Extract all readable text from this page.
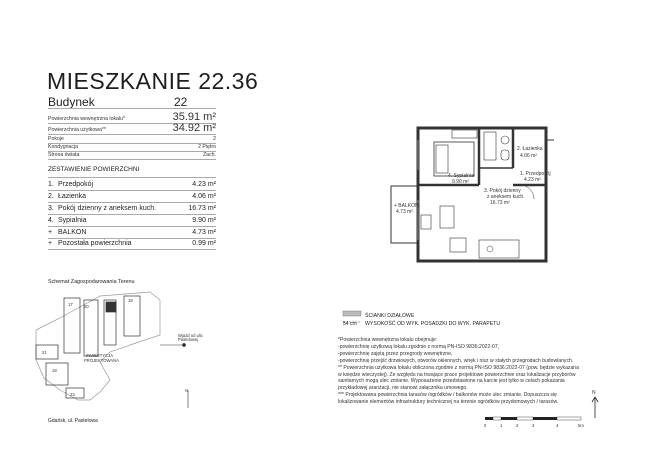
MIESZKANIE 22.36
Budynek	22
Powierzchnia wewnętrzna lokalu*	35.91 m²
Powierzchnia użytkowa**	34.92 m²
Pokoje	2
Kondygnacja	2 Piętro
Strona świata	Zach.
ZESTAWIENIE POWIERZCHNI
1. Przedpokój	4.23 m²
2. Łazienka	4.06 m²
3. Pokój dzienny z aneksem kuch.	16.73 m²
4. Sypialnia	9.90 m²
+ BALKON	4.73 m²
+ Pozostała powierzchnia	0.99 m²
2. Łazienka
4.06 m²
1. Przedpokój
4.23 m²
4. Sypialnia
9.90 m²
3. Pokój dzienny
z aneksem kuch.
16.73 m²
+ BALKON
4.73 m²
17	20	22
21
19
18
23
INWESTYCJA
PROJEKTOWANA
Wjazd od ulic
Pastelowej
N
0	1	2	3	4	5m
N
Schemat Zagospodarowania Terenu
Gdańsk, ul. Pastelowa
ŚCIANKI DZIAŁOWE
54 cm WYSOKOŚĆ OD WYK. POSADZKI DO WYK. PARAPETU
*Powierzchnia wewnętrzna lokalu obejmuje:
-powierzchnię użytkową lokalu zgodnie z normą PN-ISO 9836:2022-07,
-powierzchnię zajętą przez przegrody wewnętrzne,
-powierzchnię przejść drzwiowych, otworów okiennych, wnęk i nisz w stałych przegrodach budowlanych.
** Powierzchnia użytkowa lokalu obliczona zgodnie z normą PN-ISO 9836:2022-07 (pow. będzie wykazana
w księdze wieczystej). Ze względu na trwające prace projektowe powierzchnie oraz lokalizacje przyborów
sanitarnych mogą ulec zmianie. Wyposażenie przedstawione na karcie jest tylko w celach pokazania
przykładowej aranżacji, nie stanowi załącznika umowego.
*** Projektowana powierzchnia tarasów /ogródków / balkonów może ulec zmianie. Dopuszcza się
lokalizowanie elementów infrastruktury technicznej na terenie ogródków przydomowych / tarasów.
